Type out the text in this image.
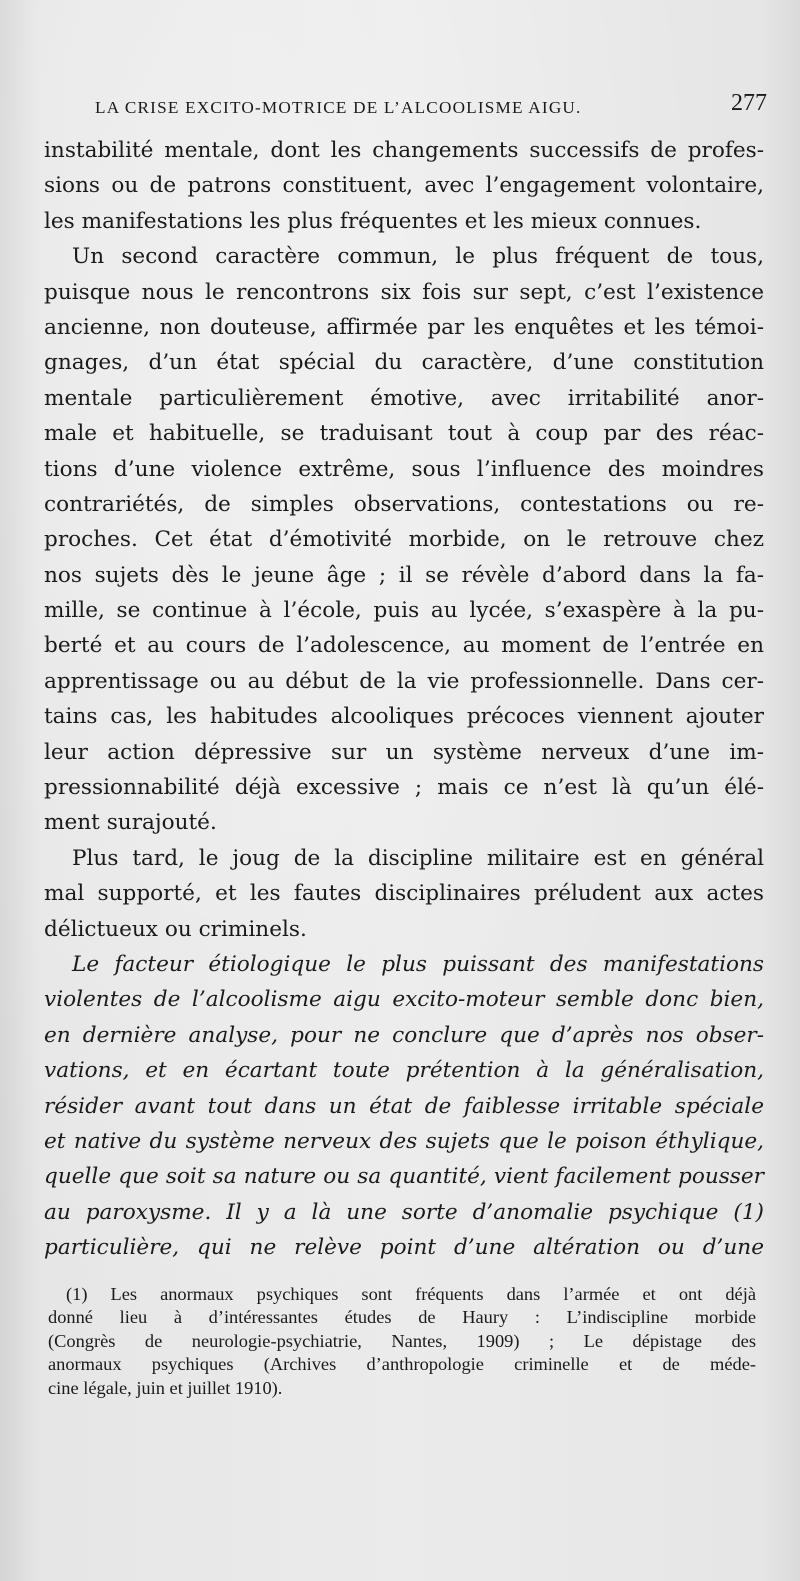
LA CRISE EXCITO-MOTRICE DE L’ALCOOLISME AIGU.	277
instabilité mentale, dont les changements successifs de profes-
sions ou de patrons constituent, avec l’engagement volontaire,
les manifestations les plus fréquentes et les mieux connues.
Un second caractère commun, le plus fréquent de tous,
puisque nous le rencontrons six fois sur sept, c’est l’existence
ancienne, non douteuse, affirmée par les enquêtes et les témoi-
gnages, d’un état spécial du caractère, d’une constitution
mentale particulièrement émotive, avec irritabilité anor-
male et habituelle, se traduisant tout à coup par des réac-
tions d’une violence extrême, sous l’influence des moindres
contrariétés, de simples observations, contestations ou re-
proches. Cet état d’émotivité morbide, on le retrouve chez
nos sujets dès le jeune âge ; il se révèle d’abord dans la fa-
mille, se continue à l’école, puis au lycée, s’exaspère à la pu-
berté et au cours de l’adolescence, au moment de l’entrée en
apprentissage ou au début de la vie professionnelle. Dans cer-
tains cas, les habitudes alcooliques précoces viennent ajouter
leur action dépressive sur un système nerveux d’une im-
pressionnabilité déjà excessive ; mais ce n’est là qu’un élé-
ment surajouté.
Plus tard, le joug de la discipline militaire est en général
mal supporté, et les fautes disciplinaires préludent aux actes
délictueux ou criminels.
Le facteur étiologique le plus puissant des manifestations
violentes de l’alcoolisme aigu excito-moteur semble donc bien,
en dernière analyse, pour ne conclure que d’après nos obser-
vations, et en écartant toute prétention à la généralisation,
résider avant tout dans un état de faiblesse irritable spéciale
et native du système nerveux des sujets que le poison éthylique,
quelle que soit sa nature ou sa quantité, vient facilement pousser
au paroxysme. Il y a là une sorte d’anomalie psychique (1)
particulière, qui ne relève point d’une altération ou d’une
(1) Les anormaux psychiques sont fréquents dans l’armée et ont déjà
donné lieu à d’intéressantes études de Haury : L’indiscipline morbide
(Congrès de neurologie-psychiatrie, Nantes, 1909) ; Le dépistage des
anormaux psychiques (Archives d’anthropologie criminelle et de méde-
cine légale, juin et juillet 1910).
